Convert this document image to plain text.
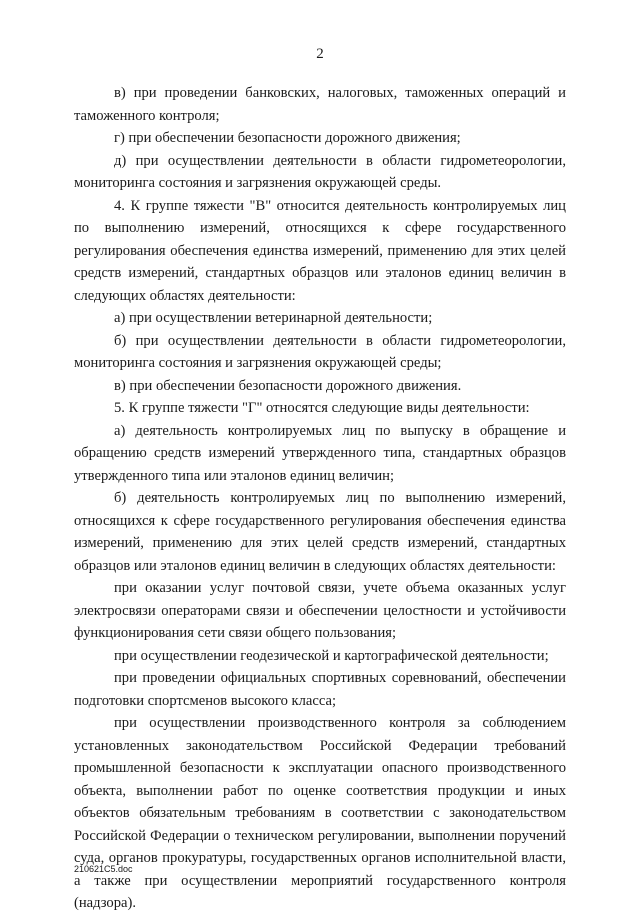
2

в) при проведении банковских, налоговых, таможенных операций и таможенного контроля;

г) при обеспечении безопасности дорожного движения;

д) при осуществлении деятельности в области гидрометеорологии, мониторинга состояния и загрязнения окружающей среды.

4. К группе тяжести "В" относится деятельность контролируемых лиц по выполнению измерений, относящихся к сфере государственного регулирования обеспечения единства измерений, применению для этих целей средств измерений, стандартных образцов или эталонов единиц величин в следующих областях деятельности:

а) при осуществлении ветеринарной деятельности;

б) при осуществлении деятельности в области гидрометеорологии, мониторинга состояния и загрязнения окружающей среды;

в) при обеспечении безопасности дорожного движения.

5. К группе тяжести "Г" относятся следующие виды деятельности:

а) деятельность контролируемых лиц по выпуску в обращение и обращению средств измерений утвержденного типа, стандартных образцов утвержденного типа или эталонов единиц величин;

б) деятельность контролируемых лиц по выполнению измерений, относящихся к сфере государственного регулирования обеспечения единства измерений, применению для этих целей средств измерений, стандартных образцов или эталонов единиц величин в следующих областях деятельности:

при оказании услуг почтовой связи, учете объема оказанных услуг электросвязи операторами связи и обеспечении целостности и устойчивости функционирования сети связи общего пользования;

при осуществлении геодезической и картографической деятельности;

при проведении официальных спортивных соревнований, обеспечении подготовки спортсменов высокого класса;

при осуществлении производственного контроля за соблюдением установленных законодательством Российской Федерации требований промышленной безопасности к эксплуатации опасного производственного объекта, выполнении работ по оценке соответствия продукции и иных объектов обязательным требованиям в соответствии с законодательством Российской Федерации о техническом регулировании, выполнении поручений суда, органов прокуратуры, государственных органов исполнительной власти, а также при осуществлении мероприятий государственного контроля (надзора).

210621C5.doc
